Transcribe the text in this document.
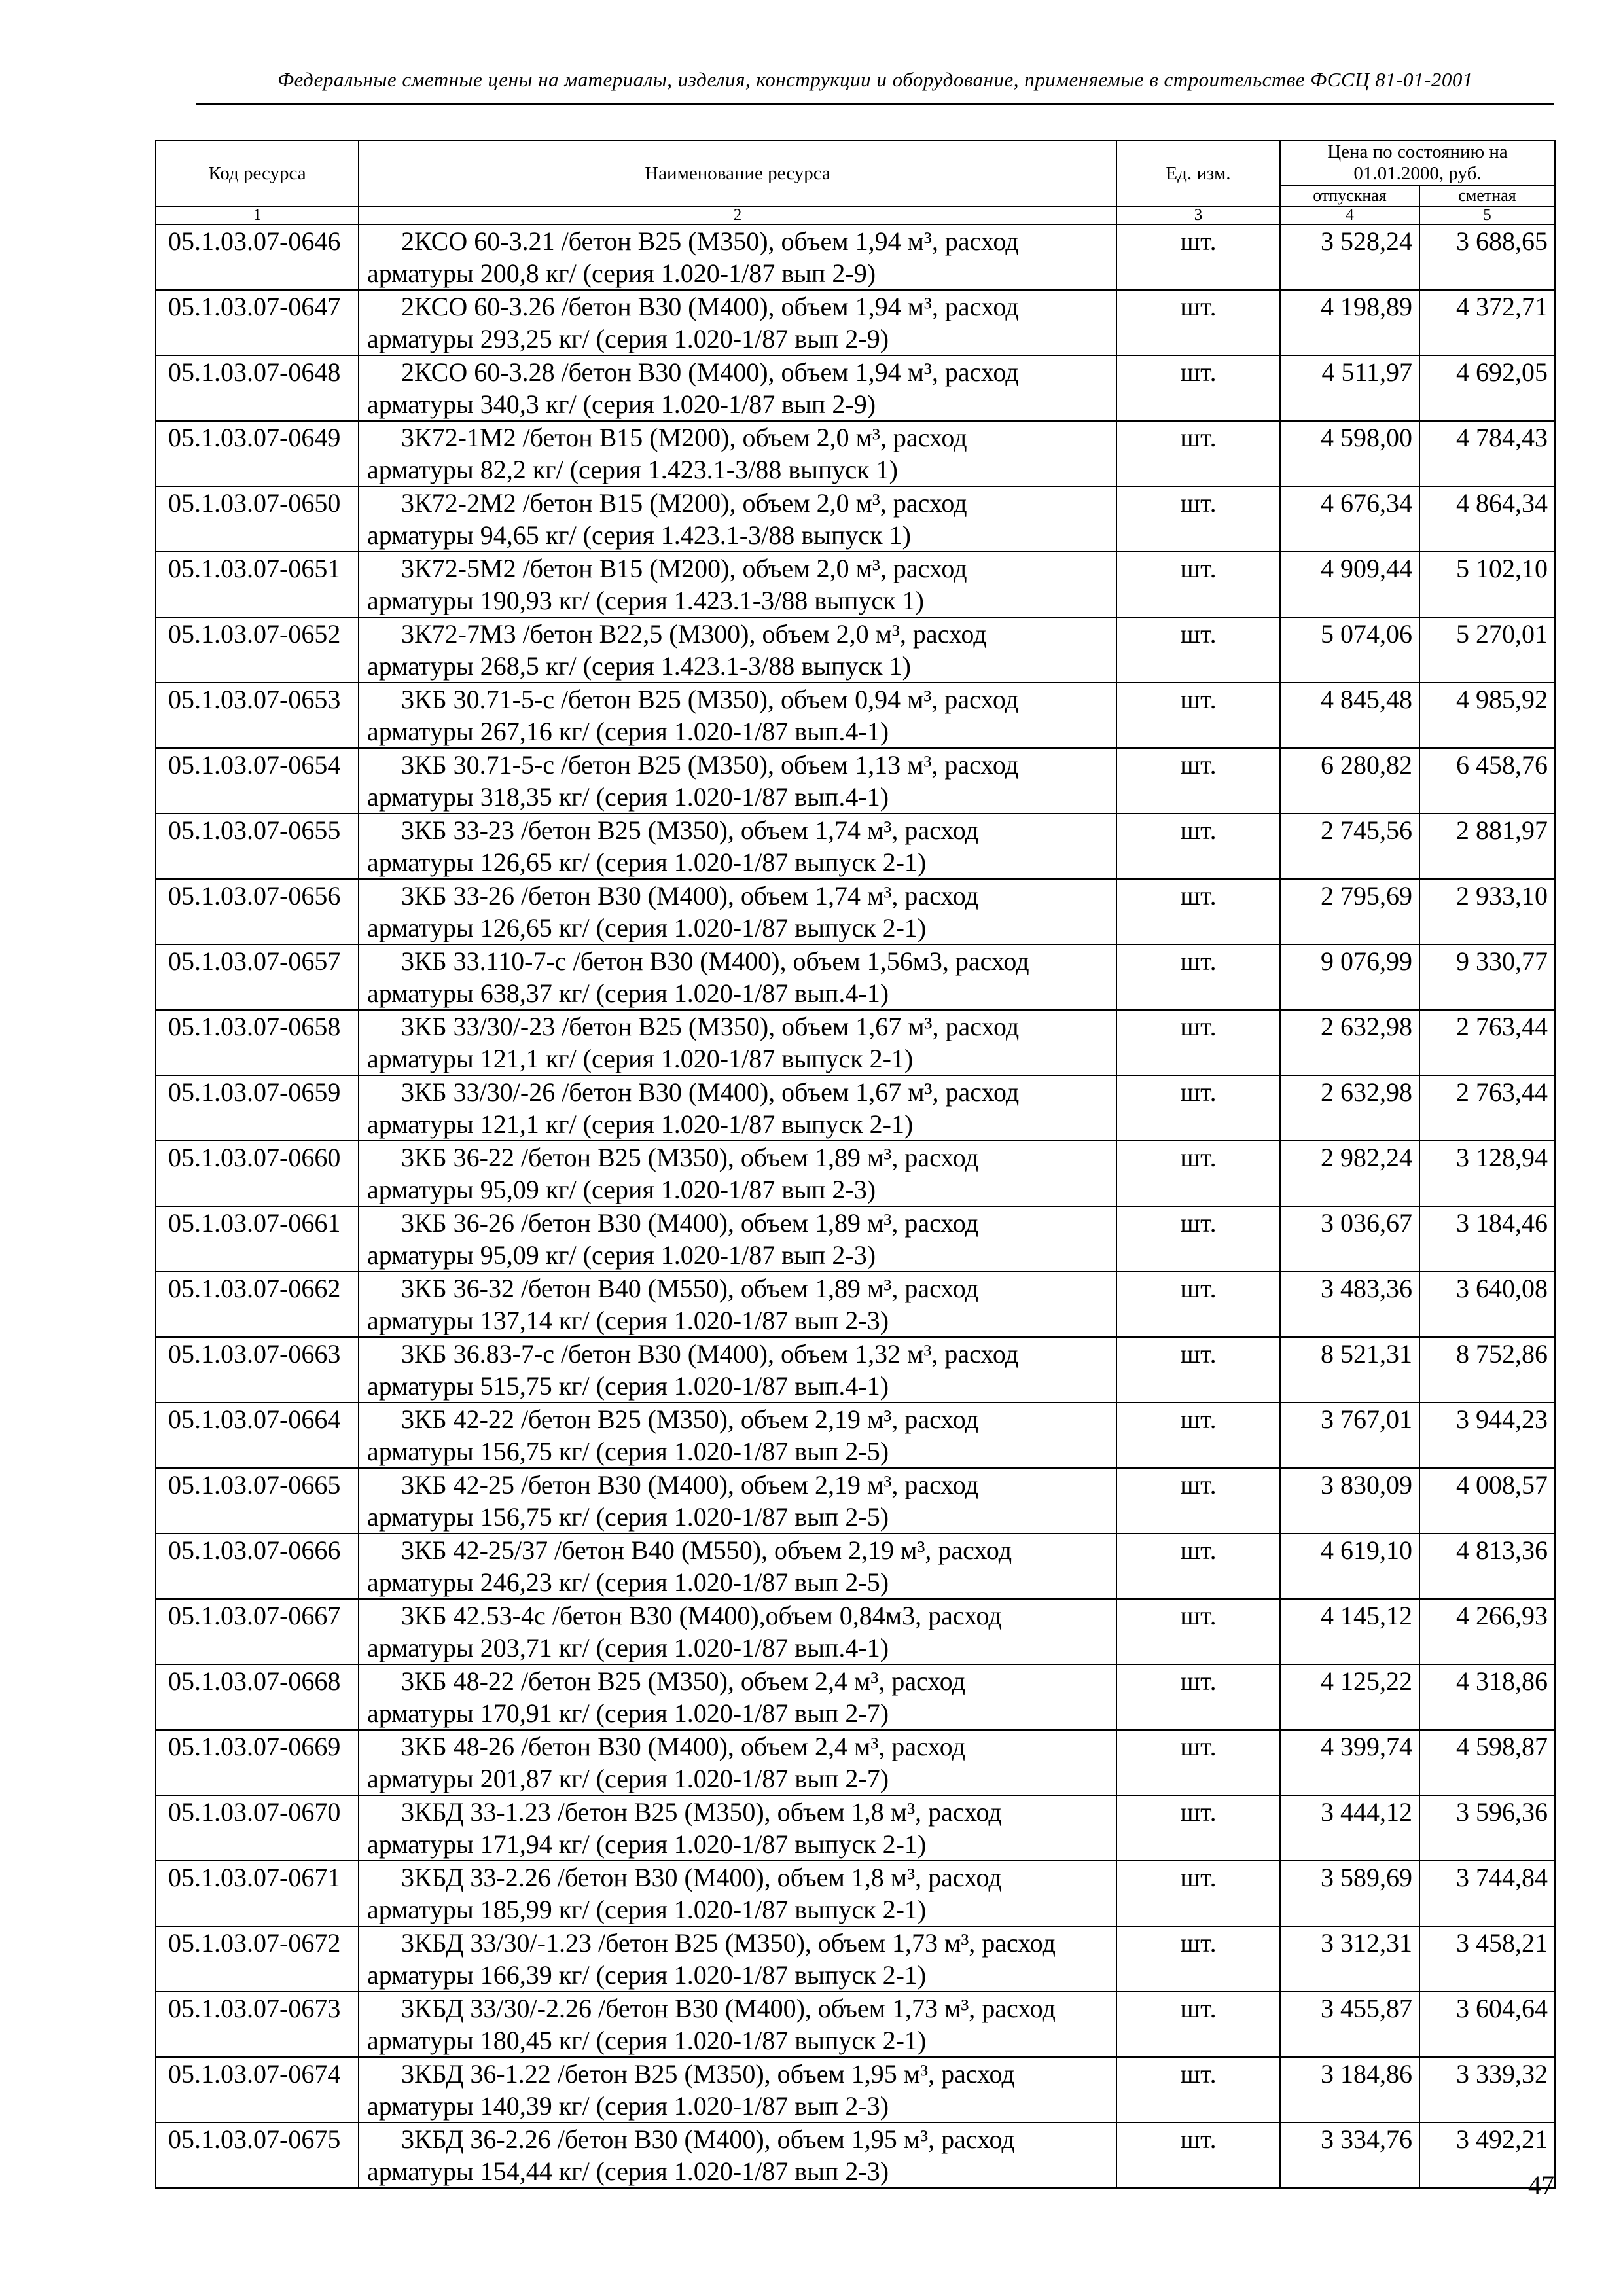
Федеральные сметные цены на материалы, изделия, конструкции и оборудование, применяемые в строительстве ФССЦ 81-01-2001
Код ресурса	Наименование ресурса	Ед. изм.	Цена по состоянию на 01.01.2000, руб.	
			отпускная	сметная
1	2	3	4	5
05.1.03.07-0646	2КСО 60-3.21 /бетон В25 (М350), объем 1,94 м³, расход
арматуры 200,8 кг/ (серия 1.020-1/87 вып 2-9)	шт.	3 528,24	3 688,65
05.1.03.07-0647	2КСО 60-3.26 /бетон В30 (М400), объем 1,94 м³, расход
арматуры 293,25 кг/ (серия 1.020-1/87 вып 2-9)	шт.	4 198,89	4 372,71
05.1.03.07-0648	2КСО 60-3.28 /бетон В30 (М400), объем 1,94 м³, расход
арматуры 340,3 кг/ (серия 1.020-1/87 вып 2-9)	шт.	4 511,97	4 692,05
05.1.03.07-0649	3К72-1М2 /бетон В15 (М200), объем 2,0 м³, расход
арматуры 82,2 кг/ (серия 1.423.1-3/88 выпуск 1)	шт.	4 598,00	4 784,43
05.1.03.07-0650	3К72-2М2 /бетон В15 (М200), объем 2,0 м³, расход
арматуры 94,65 кг/ (серия 1.423.1-3/88 выпуск 1)	шт.	4 676,34	4 864,34
05.1.03.07-0651	3К72-5М2 /бетон В15 (М200), объем 2,0 м³, расход
арматуры 190,93 кг/ (серия 1.423.1-3/88 выпуск 1)	шт.	4 909,44	5 102,10
05.1.03.07-0652	3К72-7М3 /бетон В22,5 (М300), объем 2,0 м³, расход
арматуры 268,5 кг/ (серия 1.423.1-3/88 выпуск 1)	шт.	5 074,06	5 270,01
05.1.03.07-0653	3КБ 30.71-5-с /бетон В25 (М350), объем 0,94 м³, расход
арматуры 267,16 кг/ (серия 1.020-1/87 вып.4-1)	шт.	4 845,48	4 985,92
05.1.03.07-0654	3КБ 30.71-5-с /бетон В25 (М350), объем 1,13 м³, расход
арматуры 318,35 кг/ (серия 1.020-1/87 вып.4-1)	шт.	6 280,82	6 458,76
05.1.03.07-0655	3КБ 33-23 /бетон В25 (М350), объем 1,74 м³, расход
арматуры 126,65 кг/ (серия 1.020-1/87 выпуск 2-1)	шт.	2 745,56	2 881,97
05.1.03.07-0656	3КБ 33-26 /бетон В30 (М400), объем 1,74 м³, расход
арматуры 126,65 кг/ (серия 1.020-1/87 выпуск 2-1)	шт.	2 795,69	2 933,10
05.1.03.07-0657	3КБ 33.110-7-с /бетон В30 (М400), объем 1,56м3, расход
арматуры 638,37 кг/ (серия 1.020-1/87 вып.4-1)	шт.	9 076,99	9 330,77
05.1.03.07-0658	3КБ 33/30/-23 /бетон В25 (М350), объем 1,67 м³, расход
арматуры 121,1 кг/ (серия 1.020-1/87 выпуск 2-1)	шт.	2 632,98	2 763,44
05.1.03.07-0659	3КБ 33/30/-26 /бетон В30 (М400), объем 1,67 м³, расход
арматуры 121,1 кг/ (серия 1.020-1/87 выпуск 2-1)	шт.	2 632,98	2 763,44
05.1.03.07-0660	3КБ 36-22 /бетон В25 (М350), объем 1,89 м³, расход
арматуры 95,09 кг/ (серия 1.020-1/87 вып 2-3)	шт.	2 982,24	3 128,94
05.1.03.07-0661	3КБ 36-26 /бетон В30 (М400), объем 1,89 м³, расход
арматуры 95,09 кг/ (серия 1.020-1/87 вып 2-3)	шт.	3 036,67	3 184,46
05.1.03.07-0662	3КБ 36-32 /бетон В40 (М550), объем 1,89 м³, расход
арматуры 137,14 кг/ (серия 1.020-1/87 вып 2-3)	шт.	3 483,36	3 640,08
05.1.03.07-0663	3КБ 36.83-7-с /бетон В30 (М400), объем 1,32 м³, расход
арматуры 515,75 кг/ (серия 1.020-1/87 вып.4-1)	шт.	8 521,31	8 752,86
05.1.03.07-0664	3КБ 42-22 /бетон В25 (М350), объем 2,19 м³, расход
арматуры 156,75 кг/ (серия 1.020-1/87 вып 2-5)	шт.	3 767,01	3 944,23
05.1.03.07-0665	3КБ 42-25 /бетон В30 (М400), объем 2,19 м³, расход
арматуры 156,75 кг/ (серия 1.020-1/87 вып 2-5)	шт.	3 830,09	4 008,57
05.1.03.07-0666	3КБ 42-25/37 /бетон В40 (М550), объем 2,19 м³, расход
арматуры 246,23 кг/ (серия 1.020-1/87 вып 2-5)	шт.	4 619,10	4 813,36
05.1.03.07-0667	3КБ 42.53-4с /бетон В30 (М400),объем 0,84м3, расход
арматуры 203,71 кг/ (серия 1.020-1/87 вып.4-1)	шт.	4 145,12	4 266,93
05.1.03.07-0668	3КБ 48-22 /бетон В25 (М350), объем 2,4 м³, расход
арматуры 170,91 кг/ (серия 1.020-1/87 вып 2-7)	шт.	4 125,22	4 318,86
05.1.03.07-0669	3КБ 48-26 /бетон В30 (М400), объем 2,4 м³, расход
арматуры 201,87 кг/ (серия 1.020-1/87 вып 2-7)	шт.	4 399,74	4 598,87
05.1.03.07-0670	3КБД 33-1.23 /бетон В25 (М350), объем 1,8 м³, расход
арматуры 171,94 кг/ (серия 1.020-1/87 выпуск 2-1)	шт.	3 444,12	3 596,36
05.1.03.07-0671	3КБД 33-2.26 /бетон В30 (М400), объем 1,8 м³, расход
арматуры 185,99 кг/ (серия 1.020-1/87 выпуск 2-1)	шт.	3 589,69	3 744,84
05.1.03.07-0672	3КБД 33/30/-1.23 /бетон В25 (М350), объем 1,73 м³, расход
арматуры 166,39 кг/ (серия 1.020-1/87 выпуск 2-1)	шт.	3 312,31	3 458,21
05.1.03.07-0673	3КБД 33/30/-2.26 /бетон В30 (М400), объем 1,73 м³, расход
арматуры 180,45 кг/ (серия 1.020-1/87 выпуск 2-1)	шт.	3 455,87	3 604,64
05.1.03.07-0674	3КБД 36-1.22 /бетон В25 (М350), объем 1,95 м³, расход
арматуры 140,39 кг/ (серия 1.020-1/87 вып 2-3)	шт.	3 184,86	3 339,32
05.1.03.07-0675	3КБД 36-2.26 /бетон В30 (М400), объем 1,95 м³, расход
арматуры 154,44 кг/ (серия 1.020-1/87 вып 2-3)	шт.	3 334,76	3 492,21
47
